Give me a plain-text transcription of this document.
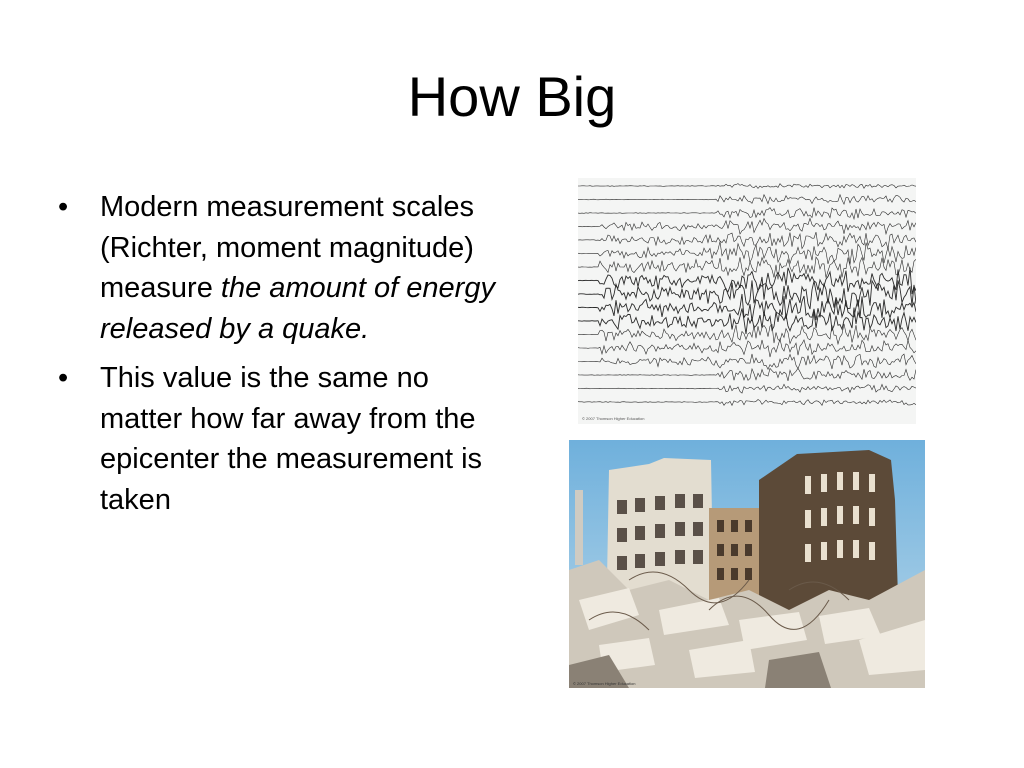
How Big
• Modern measurement scales (Richter, moment magnitude) measure the amount of energy released by a quake.
• This value is the same no matter how far away from the epicenter the measurement is taken
© 2007 Thomson Higher Education
© 2007 Thomson Higher Education
